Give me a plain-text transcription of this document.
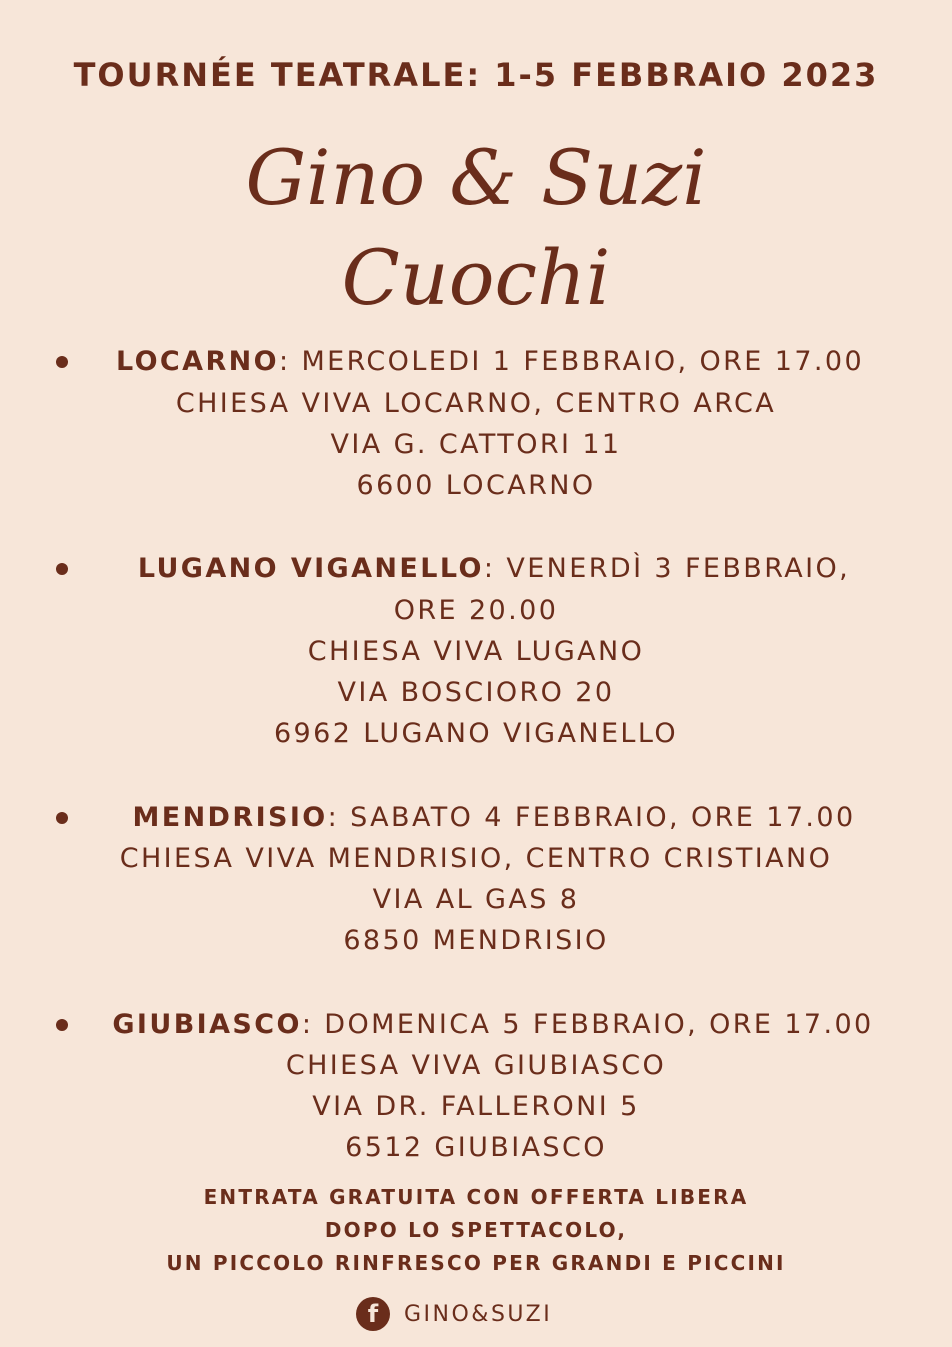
TOURNÉE TEATRALE: 1-5 FEBBRAIO 2023
Gino & Suzi
Cuochi
LOCARNO: MERCOLEDI 1 FEBBRAIO, ORE 17.00
CHIESA VIVA LOCARNO, CENTRO ARCA
VIA G. CATTORI 11
6600 LOCARNO
LUGANO VIGANELLO: VENERDÌ 3 FEBBRAIO,
ORE 20.00
CHIESA VIVA LUGANO
VIA BOSCIORO 20
6962 LUGANO VIGANELLO
MENDRISIO: SABATO 4 FEBBRAIO, ORE 17.00
CHIESA VIVA MENDRISIO, CENTRO CRISTIANO
VIA AL GAS 8
6850 MENDRISIO
GIUBIASCO: DOMENICA 5 FEBBRAIO, ORE 17.00
CHIESA VIVA GIUBIASCO
VIA DR. FALLERONI 5
6512 GIUBIASCO
ENTRATA GRATUITA CON OFFERTA LIBERA
DOPO LO SPETTACOLO,
UN PICCOLO RINFRESCO PER GRANDI E PICCINI
f	GINO&SUZI
